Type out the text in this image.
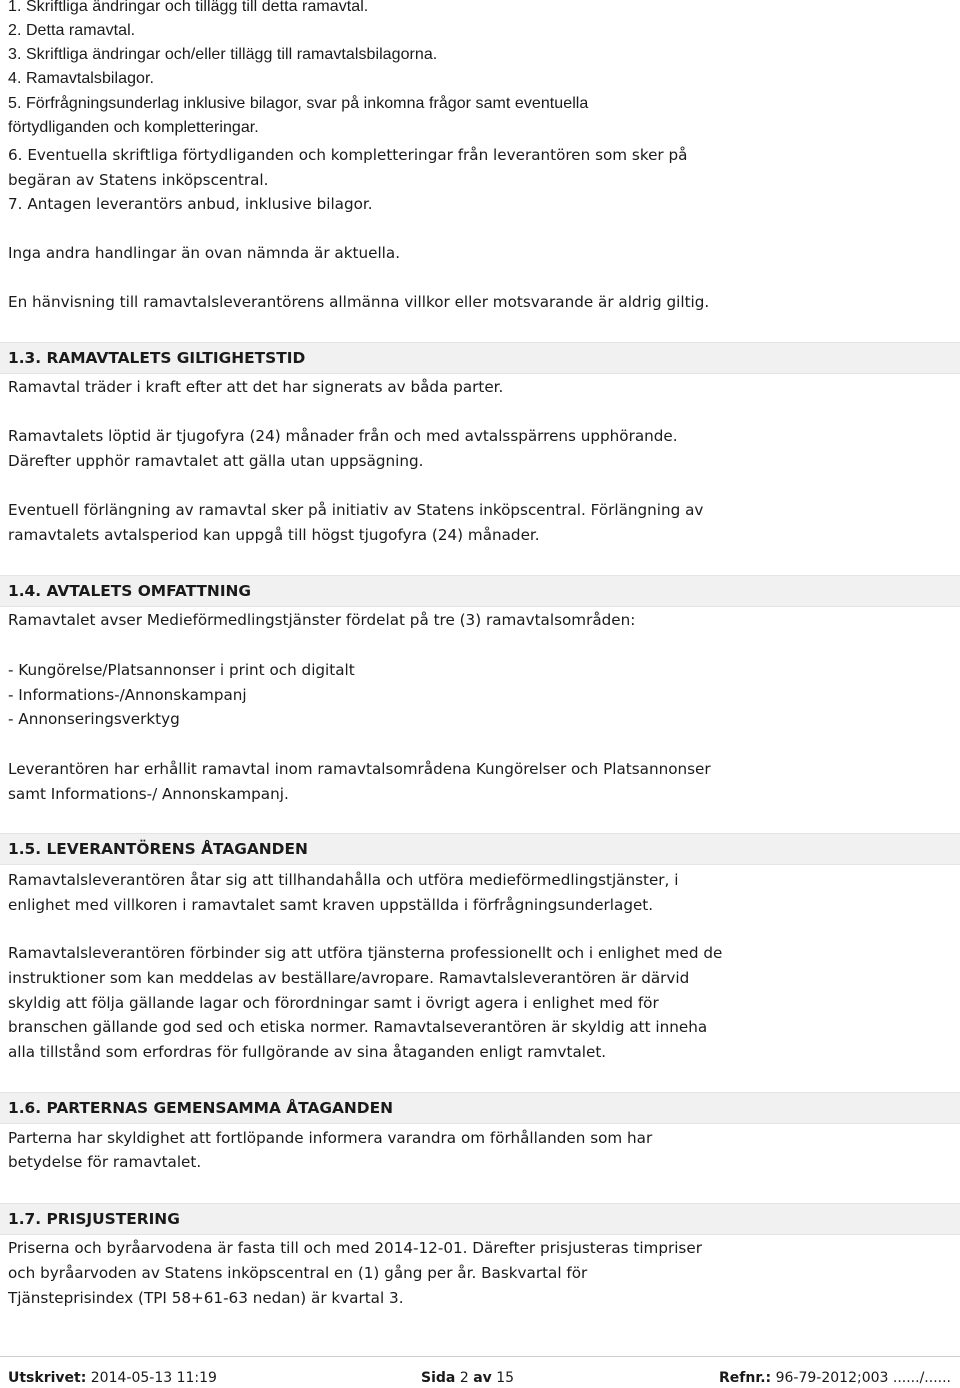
1. Skriftliga ändringar och tillägg till detta ramavtal.

2. Detta ramavtal.

3. Skriftliga ändringar och/eller tillägg till ramavtalsbilagorna.

4. Ramavtalsbilagor.

5. Förfrågningsunderlag inklusive bilagor, svar på inkomna frågor samt eventuella

förtydliganden och kompletteringar.

6. Eventuella skriftliga förtydliganden och kompletteringar från leverantören som sker på

begäran av Statens inköpscentral.

7. Antagen leverantörs anbud, inklusive bilagor.

Inga andra handlingar än ovan nämnda är aktuella.

En hänvisning till ramavtalsleverantörens allmänna villkor eller motsvarande är aldrig giltig.

1.3. RAMAVTALETS GILTIGHETSTID

Ramavtal träder i kraft efter att det har signerats av båda parter.

Ramavtalets löptid är tjugofyra (24) månader från och med avtalsspärrens upphörande.

Därefter upphör ramavtalet att gälla utan uppsägning.

Eventuell förlängning av ramavtal sker på initiativ av Statens inköpscentral. Förlängning av

ramavtalets avtalsperiod kan uppgå till högst tjugofyra (24) månader.

1.4. AVTALETS OMFATTNING

Ramavtalet avser Medieförmedlingstjänster fördelat på tre (3) ramavtalsområden:

- Kungörelse/Platsannonser i print och digitalt

- Informations-/Annonskampanj

- Annonseringsverktyg

Leverantören har erhållit ramavtal inom ramavtalsområdena Kungörelser och Platsannonser

samt Informations-/ Annonskampanj.

1.5. LEVERANTÖRENS ÅTAGANDEN

Ramavtalsleverantören åtar sig att tillhandahålla och utföra medieförmedlingstjänster, i

enlighet med villkoren i ramavtalet samt kraven uppställda i förfrågningsunderlaget.

Ramavtalsleverantören förbinder sig att utföra tjänsterna professionellt och i enlighet med de

instruktioner som kan meddelas av beställare/avropare. Ramavtalsleverantören är därvid

skyldig att följa gällande lagar och förordningar samt i övrigt agera i enlighet med för

branschen gällande god sed och etiska normer. Ramavtalseverantören är skyldig att inneha

alla tillstånd som erfordras för fullgörande av sina åtaganden enligt ramvtalet.

1.6. PARTERNAS GEMENSAMMA ÅTAGANDEN

Parterna har skyldighet att fortlöpande informera varandra om förhållanden som har

betydelse för ramavtalet.

1.7. PRISJUSTERING

Priserna och byråarvodena är fasta till och med 2014-12-01. Därefter prisjusteras timpriser

och byråarvoden av Statens inköpscentral en (1) gång per år. Baskvartal för

Tjänsteprisindex (TPI 58+61-63 nedan) är kvartal 3.

Utskrivet: 2014-05-13 11:19	Sida 2 av 15	Refnr.: 96-79-2012;003 ....../......
